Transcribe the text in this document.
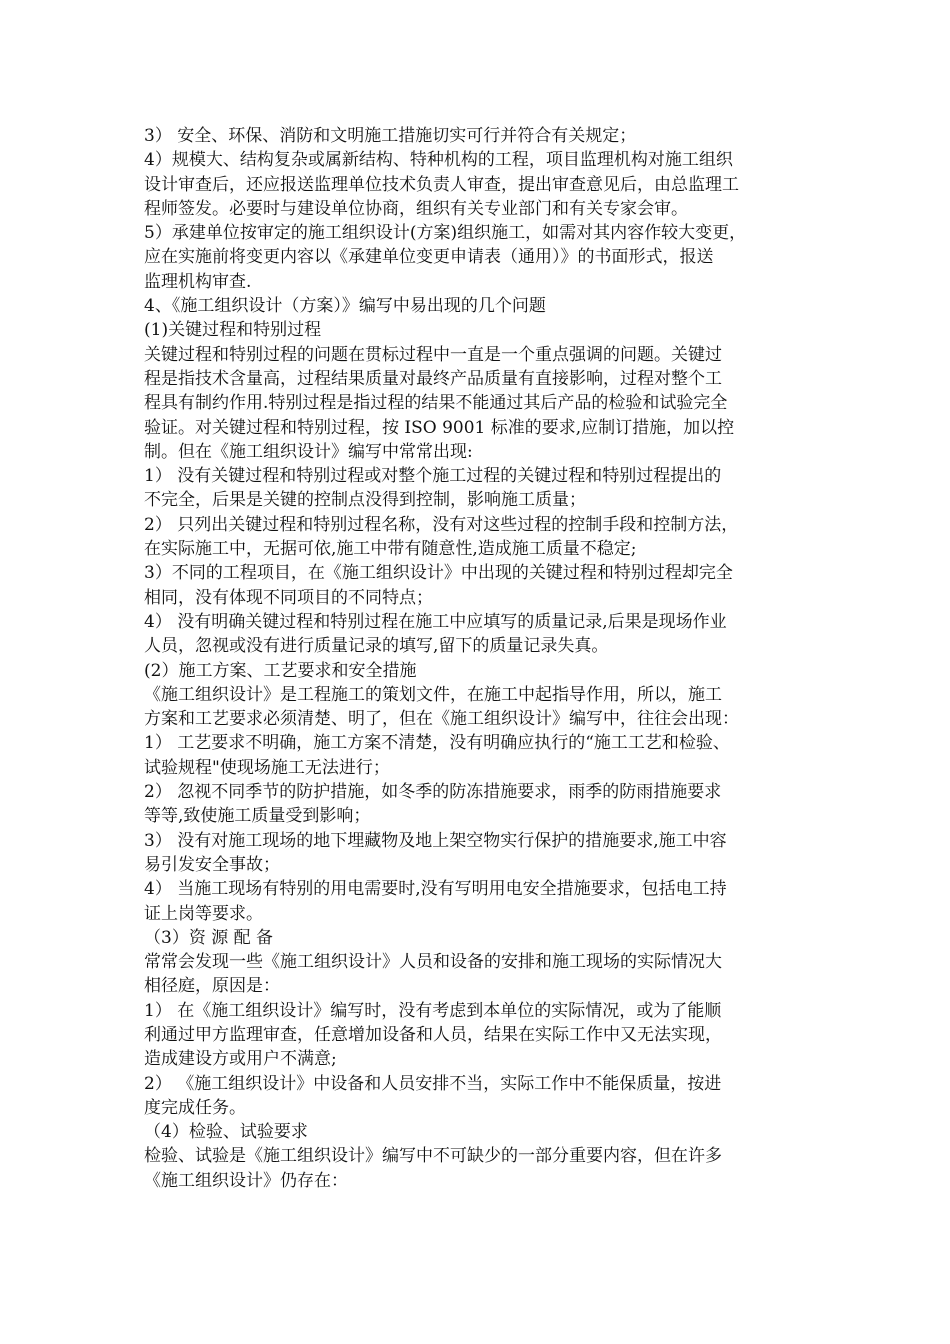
3） 安全、环保、消防和文明施工措施切实可行并符合有关规定；
4）规模大、结构复杂或属新结构、特种机构的工程，项目监理机构对施工组织
设计审查后，还应报送监理单位技术负责人审查，提出审查意见后，由总监理工
程师签发。必要时与建设单位协商，组织有关专业部门和有关专家会审。
5）承建单位按审定的施工组织设计(方案)组织施工，如需对其内容作较大变更，
应在实施前将变更内容以《承建单位变更申请表（通用）》的书面形式，报送
监理机构审查.
4、《施工组织设计（方案）》编写中易出现的几个问题
(1)关键过程和特别过程
关键过程和特别过程的问题在贯标过程中一直是一个重点强调的问题。关键过
程是指技术含量高，过程结果质量对最终产品质量有直接影响，过程对整个工
程具有制约作用.特别过程是指过程的结果不能通过其后产品的检验和试验完全
验证。对关键过程和特别过程，按 ISO 9001 标准的要求,应制订措施，加以控
制。但在《施工组织设计》编写中常常出现:
1） 没有关键过程和特别过程或对整个施工过程的关键过程和特别过程提出的
不完全，后果是关键的控制点没得到控制，影响施工质量；
2） 只列出关键过程和特别过程名称，没有对这些过程的控制手段和控制方法，
在实际施工中，无据可依,施工中带有随意性,造成施工质量不稳定;
3）不同的工程项目，在《施工组织设计》中出现的关键过程和特别过程却完全
相同，没有体现不同项目的不同特点；
4） 没有明确关键过程和特别过程在施工中应填写的质量记录,后果是现场作业
人员，忽视或没有进行质量记录的填写,留下的质量记录失真。
(2）施工方案、工艺要求和安全措施
《施工组织设计》是工程施工的策划文件，在施工中起指导作用，所以，施工
方案和工艺要求必须清楚、明了，但在《施工组织设计》编写中，往往会出现：
1） 工艺要求不明确，施工方案不清楚，没有明确应执行的“施工工艺和检验、
试验规程"使现场施工无法进行；
2） 忽视不同季节的防护措施，如冬季的防冻措施要求，雨季的防雨措施要求
等等,致使施工质量受到影响；
3） 没有对施工现场的地下埋藏物及地上架空物实行保护的措施要求,施工中容
易引发安全事故；
4） 当施工现场有特别的用电需要时,没有写明用电安全措施要求，包括电工持
证上岗等要求。
（3）资 源 配 备
常常会发现一些《施工组织设计》人员和设备的安排和施工现场的实际情况大
相径庭，原因是：
1） 在《施工组织设计》编写时，没有考虑到本单位的实际情况，或为了能顺
利通过甲方监理审查，任意增加设备和人员，结果在实际工作中又无法实现，
造成建设方或用户不满意;
2） 《施工组织设计》中设备和人员安排不当，实际工作中不能保质量，按进
度完成任务。
（4）检验、试验要求
检验、试验是《施工组织设计》编写中不可缺少的一部分重要内容，但在许多
《施工组织设计》仍存在：
